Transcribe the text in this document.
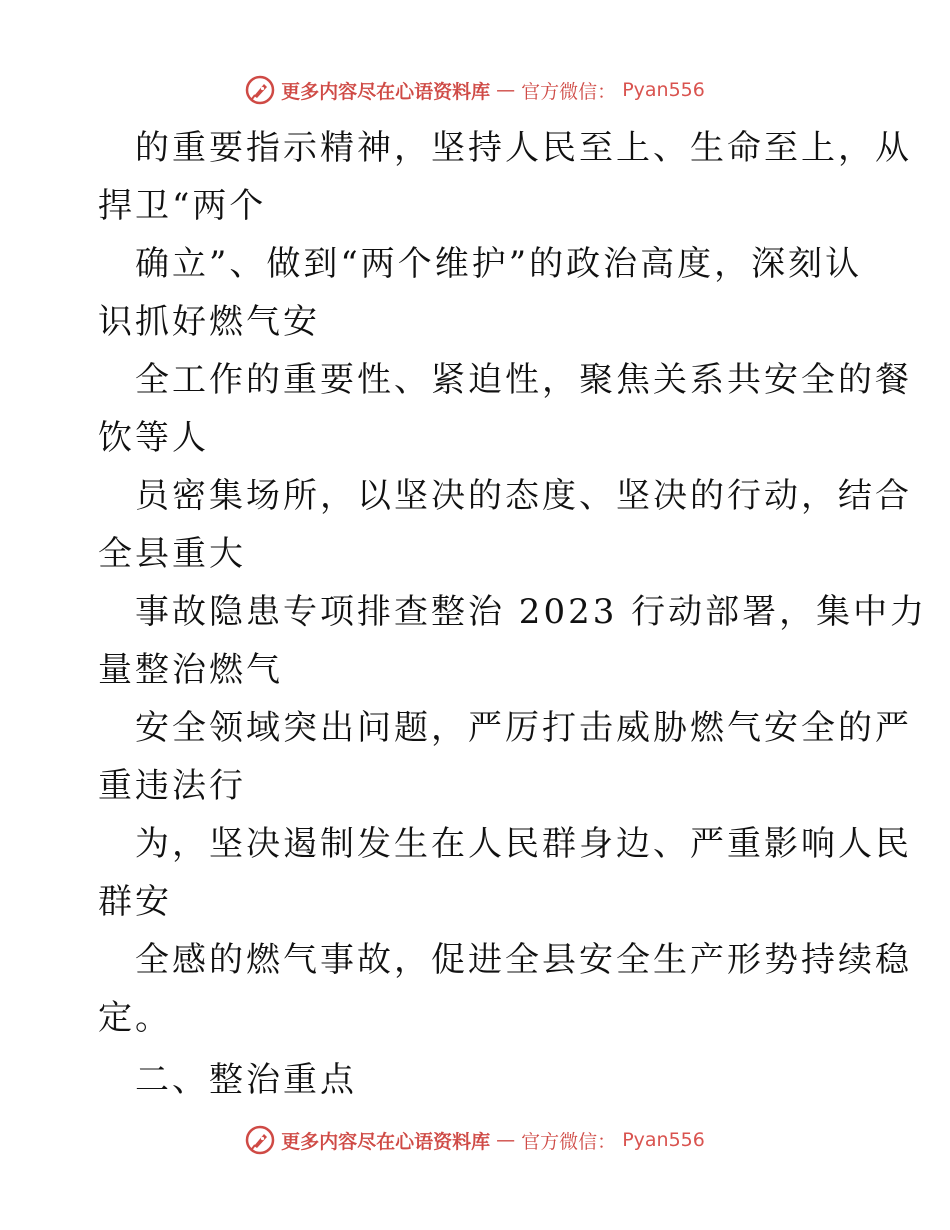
更多内容尽在心语资料库 — 官方微信： Pyan556
的重要指示精神，坚持人民至上、生命至上，从
捍卫“两个
确立”、做到“两个维护”的政治高度，深刻认
识抓好燃气安
全工作的重要性、紧迫性，聚焦关系共安全的餐
饮等人
员密集场所，以坚决的态度、坚决的行动，结合
全县重大
事故隐患专项排查整治 2023 行动部署，集中力
量整治燃气
安全领域突出问题，严厉打击威胁燃气安全的严
重违法行
为，坚决遏制发生在人民群身边、严重影响人民
群安
全感的燃气事故，促进全县安全生产形势持续稳
定。
二、整治重点
更多内容尽在心语资料库 — 官方微信： Pyan556
